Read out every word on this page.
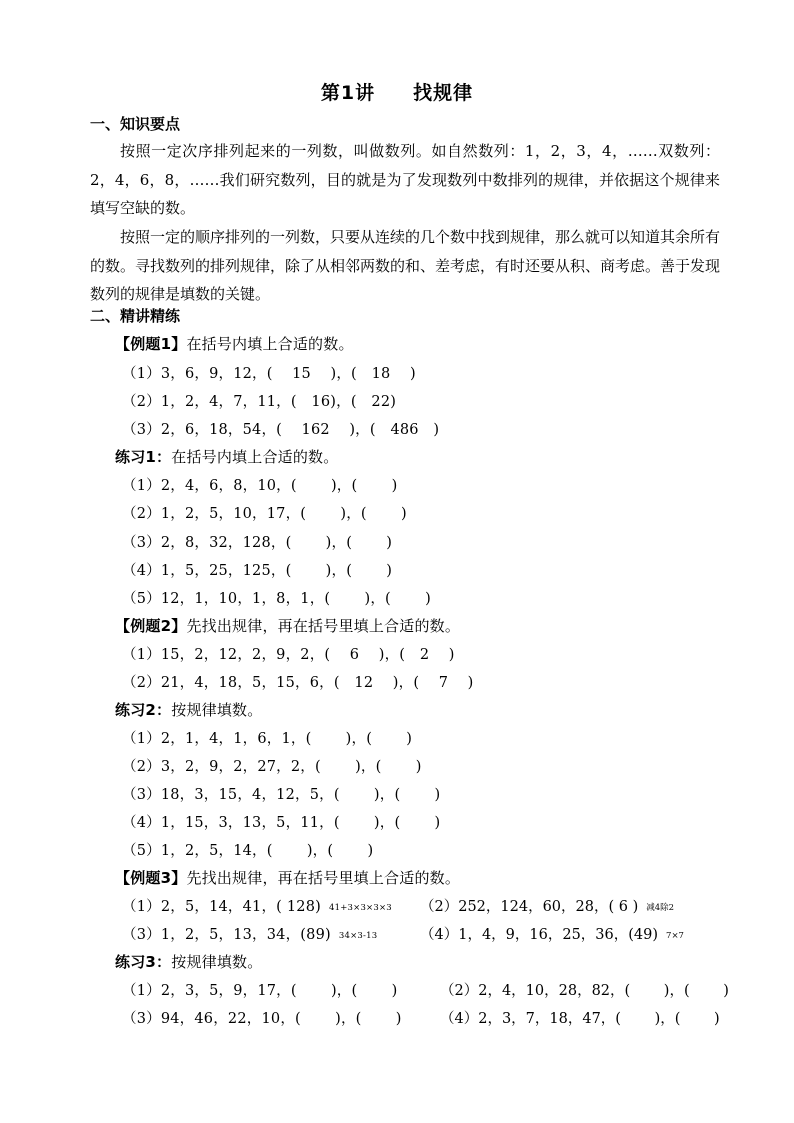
第1讲 找规律
一、知识要点
按照一定次序排列起来的一列数，叫做数列。如自然数列：1，2，3，4，……双数列：2，4，6，8，……我们研究数列，目的就是为了发现数列中数排列的规律，并依据这个规律来填写空缺的数。
按照一定的顺序排列的一列数，只要从连续的几个数中找到规律，那么就可以知道其余所有的数。寻找数列的排列规律，除了从相邻两数的和、差考虑，有时还要从积、商考虑。善于发现数列的规律是填数的关键。
二、精讲精练
【例题1】在括号内填上合适的数。
（1）3，6，9，12，(　 15　 )，(　18　 )
（2）1，2，4，7，11，(　16)，(　22)
（3）2，6，18，54，(　 162　 )，(　486　)
练习1：在括号内填上合适的数。
（1）2，4，6，8，10，(　　 )，(　　 )
（2）1，2，5，10，17，(　　 )，(　　 )
（3）2，8，32，128，(　　 )，(　　 )
（4）1，5，25，125，(　　 )，(　　 )
（5）12，1，10，1，8，1，(　　 )，(　　 )
【例题2】先找出规律，再在括号里填上合适的数。
（1）15，2，12，2，9，2，(　 6　 )，(　2　 )
（2）21，4，18，5，15，6，(　12　 )，(　 7　 )
练习2：按规律填数。
（1）2，1，4，1，6，1，(　　 )，(　　 )
（2）3，2，9，2，27，2，(　　 )，(　　 )
（3）18，3，15，4，12，5，(　　 )，(　　 )
（4）1，15，3，13，5，11，(　　 )，(　　 )
（5）1，2，5，14，(　　 )，(　　 )
【例题3】先找出规律，再在括号里填上合适的数。
（1）2，5，14，41，( 128) 41+3×3×3×3 （2）252，124，60，28，( 6 ) 减4除2
（3）1，2，5，13，34，(89) 34×3-13	（4）1，4，9，16，25，36，(49) 7×7
练习3：按规律填数。
（1）2，3，5，9，17，(　　 )，(　　 )	（2）2，4，10，28，82，(　　 )，(　　 )
（3）94，46，22，10，(　　 )，(　　 )	（4）2，3，7，18，47，(　　 )，(　　 )
